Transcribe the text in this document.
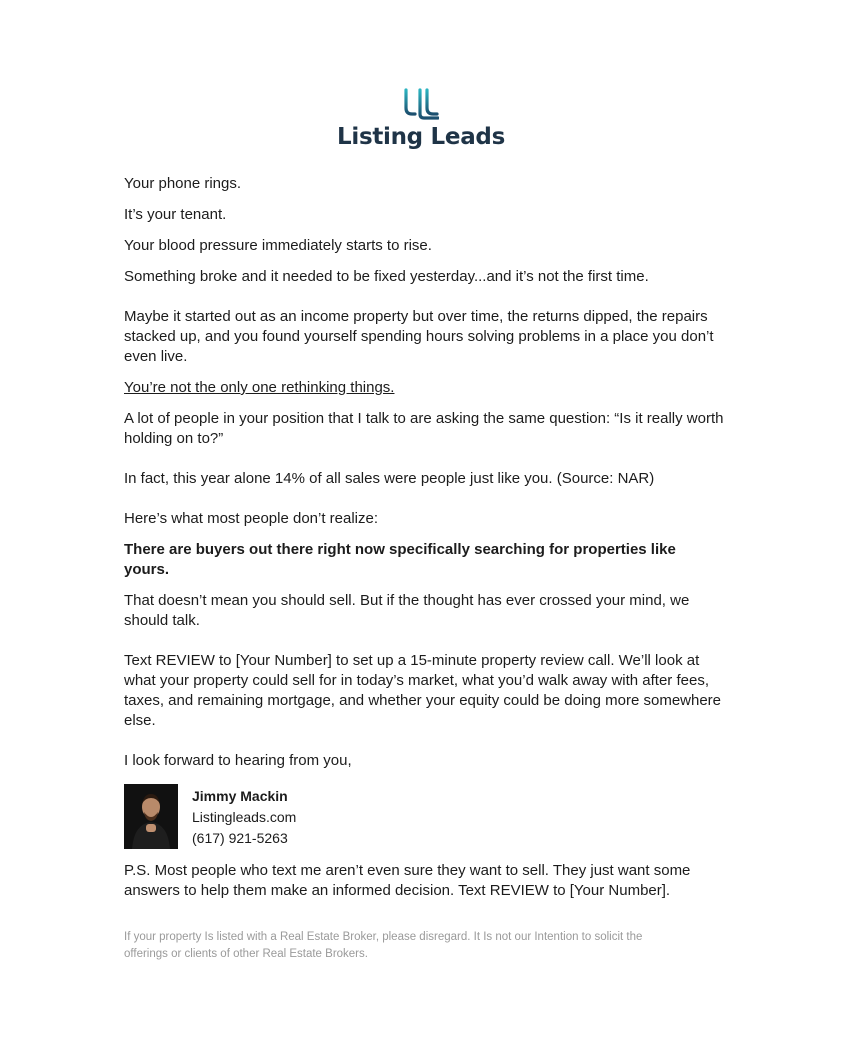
Listing Leads

Your phone rings.

It’s your tenant.

Your blood pressure immediately starts to rise.

Something broke and it needed to be fixed yesterday...and it’s not the first time.

Maybe it started out as an income property but over time, the returns dipped, the repairs stacked up, and you found yourself spending hours solving problems in a place you don’t even live.

You’re not the only one rethinking things.

A lot of people in your position that I talk to are asking the same question: “Is it really worth holding on to?”

In fact, this year alone 14% of all sales were people just like you. (Source: NAR)

Here’s what most people don’t realize:

There are buyers out there right now specifically searching for properties like yours.

That doesn’t mean you should sell. But if the thought has ever crossed your mind, we should talk.

Text REVIEW to [Your Number] to set up a 15-minute property review call. We’ll look at what your property could sell for in today’s market, what you’d walk away with after fees, taxes, and remaining mortgage, and whether your equity could be doing more somewhere else.

I look forward to hearing from you,

Jimmy Mackin
Listingleads.com
(617) 921-5263

P.S. Most people who text me aren’t even sure they want to sell. They just want some answers to help them make an informed decision. Text REVIEW to [Your Number].

If your property Is listed with a Real Estate Broker, please disregard. It Is not our Intention to solicit the offerings or clients of other Real Estate Brokers.
